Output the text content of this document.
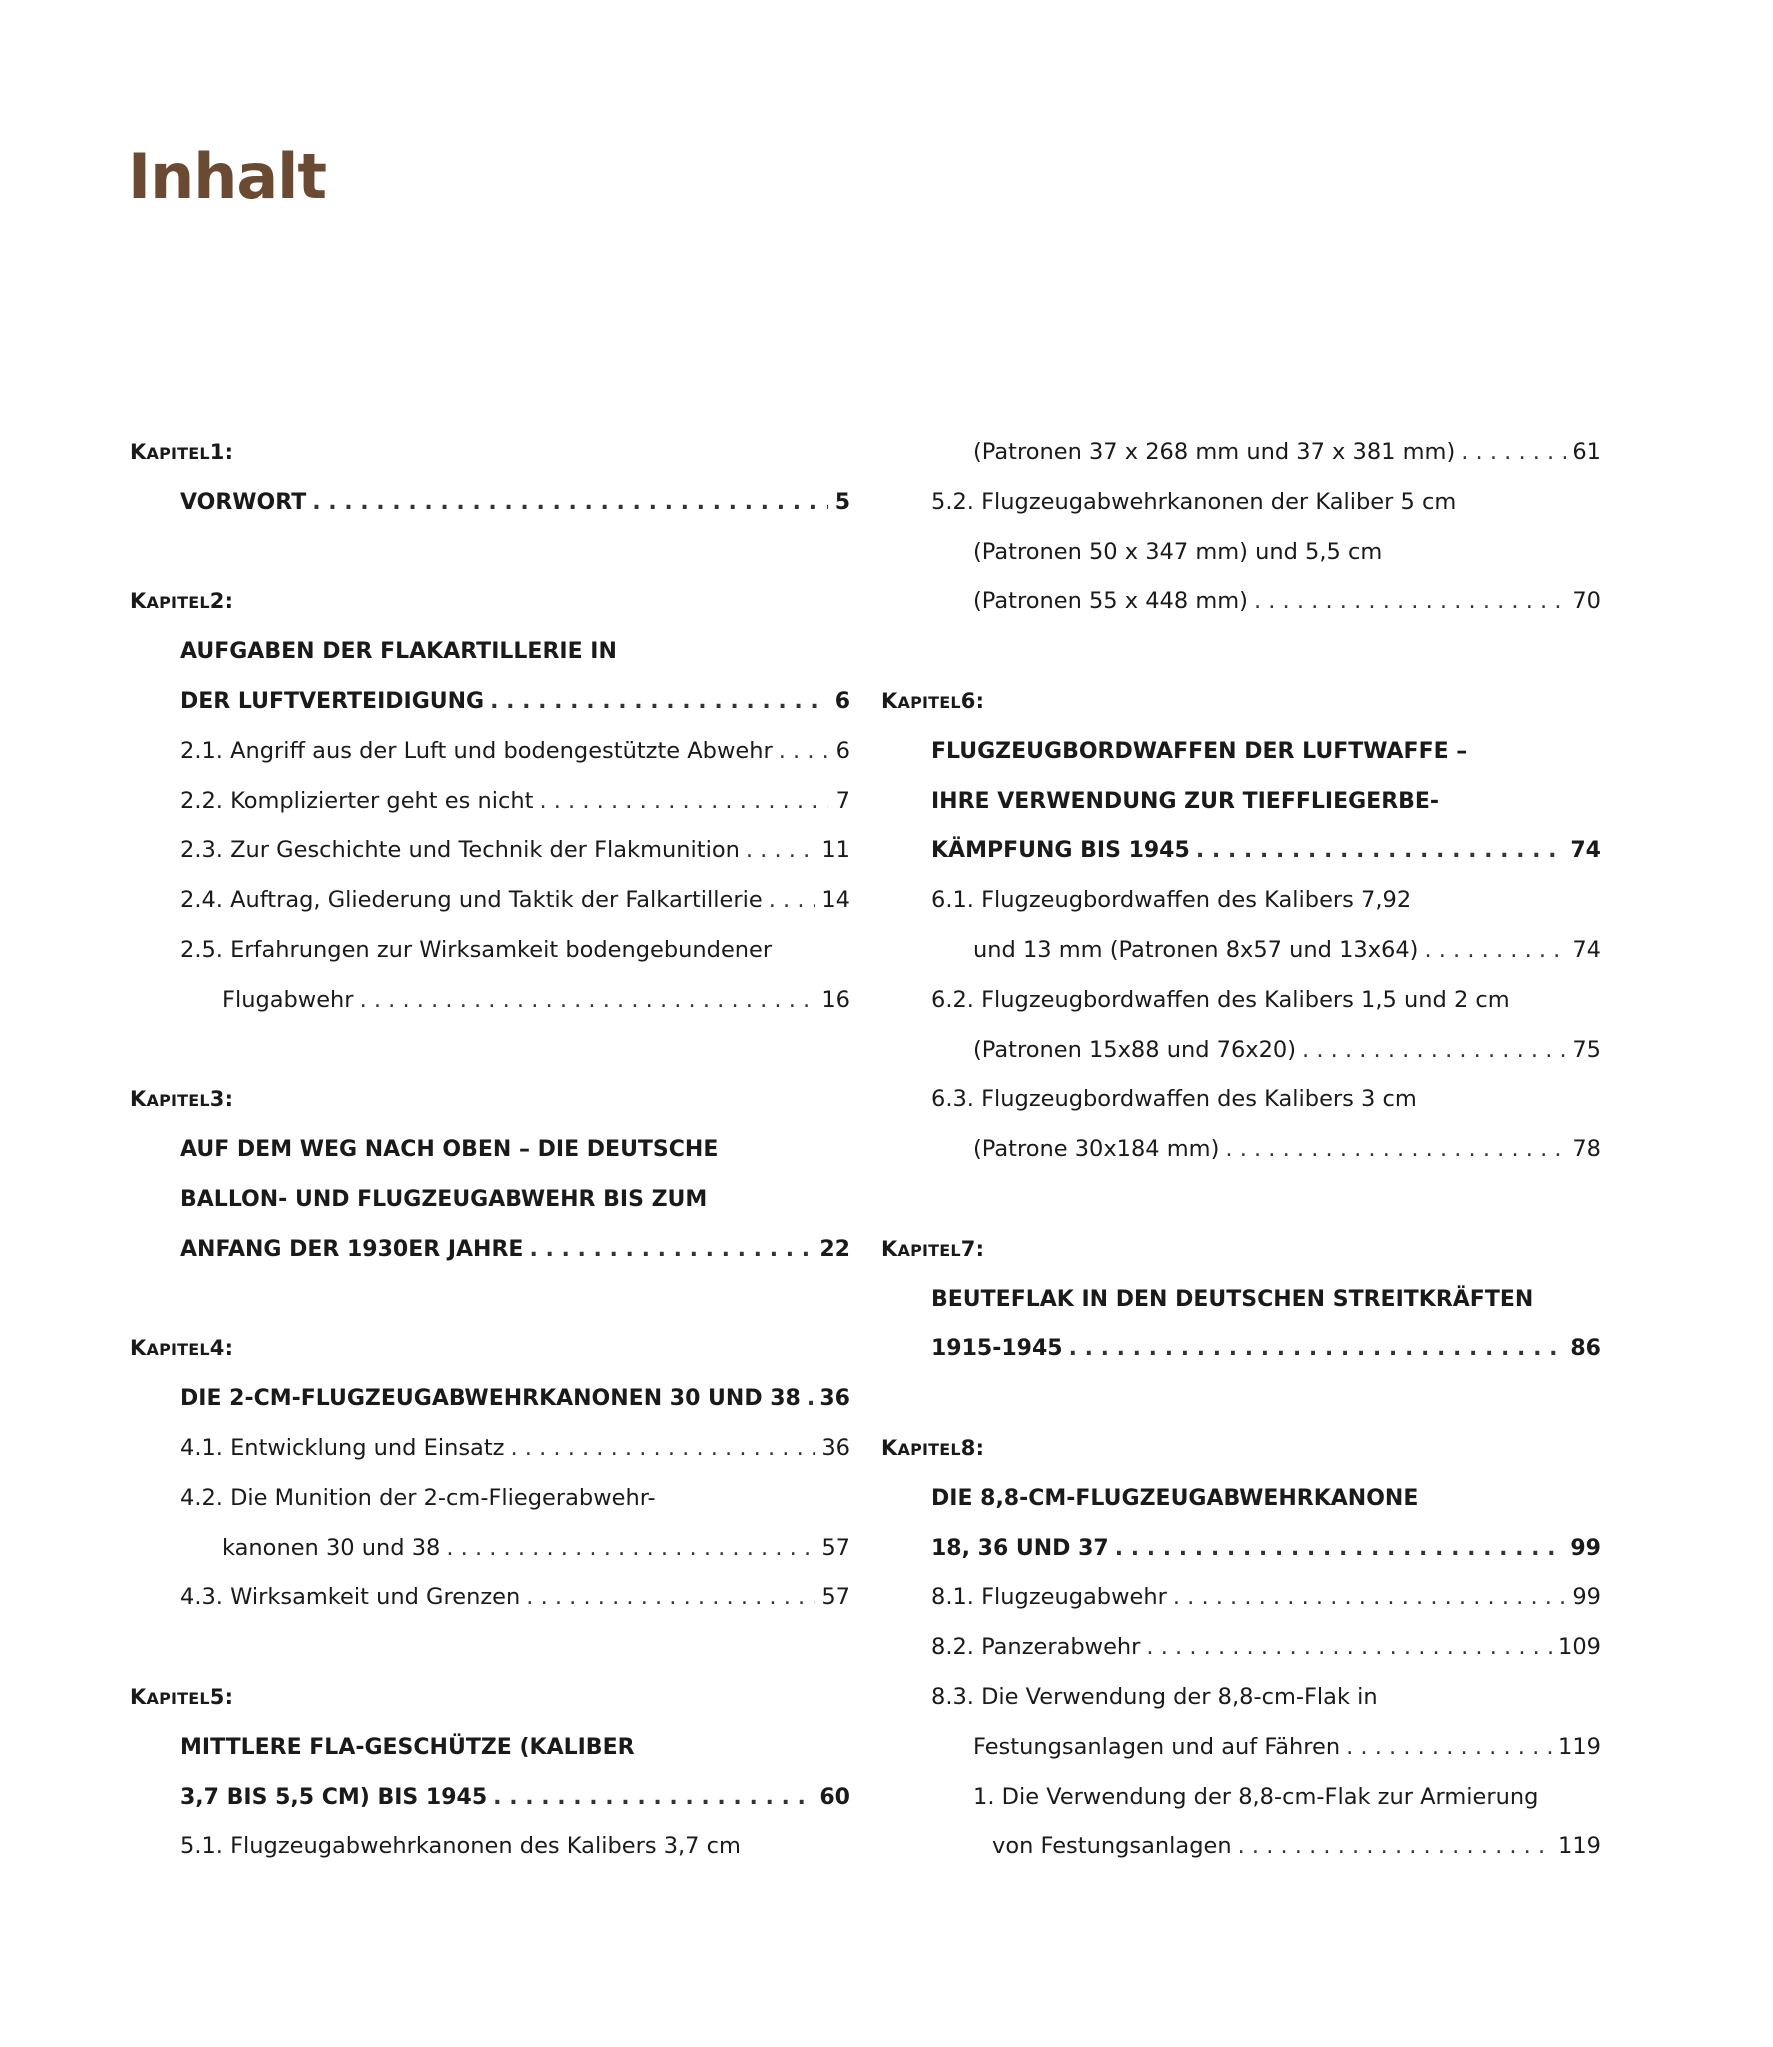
Inhalt
K APITEL 1:
VORWORT . . .	5
K APITEL 2:
AUFGABEN DER FLAKARTILLERIE IN
DER LUFTVERTEIDIGUNG . . .	6
2.1. Angriff aus der Luft und bodengestützte Abwehr . . .	6
2.2. Komplizierter geht es nicht . . .	7
2.3. Zur Geschichte und Technik der Flakmunition . . .	11
2.4. Auftrag, Gliederung und Taktik der Falkartillerie . . .	14
2.5. Erfahrungen zur Wirksamkeit bodengebundener
Flugabwehr . . .	16
K APITEL 3:
AUF DEM WEG NACH OBEN – DIE DEUTSCHE
BALLON- UND FLUGZEUGABWEHR BIS ZUM
ANFANG DER 1930ER JAHRE . . .	22
K APITEL 4:
DIE 2-CM-FLUGZEUGABWEHRKANONEN 30 UND 38 . . . 36
4.1. Entwicklung und Einsatz . . .	36
4.2. Die Munition der 2-cm-Fliegerabwehr-
kanonen 30 und 38 . . .	57
4.3. Wirksamkeit und Grenzen . . .	57
K APITEL 5:
MITTLERE FLA-GESCHÜTZE (KALIBER
3,7 BIS 5,5 CM) BIS 1945 . . .	60
5.1. Flugzeugabwehrkanonen des Kalibers 3,7 cm
(Patronen 37 x 268 mm und 37 x 381 mm) . . .	61
5.2. Flugzeugabwehrkanonen der Kaliber 5 cm
(Patronen 50 x 347 mm) und 5,5 cm
(Patronen 55 x 448 mm) . . .	70
K APITEL 6:
FLUGZEUGBORDWAFFEN DER LUFTWAFFE –
IHRE VERWENDUNG ZUR TIEFFLIEGERBE-
KÄMPFUNG BIS 1945 . . .	74
6.1. Flugzeugbordwaffen des Kalibers 7,92
und 13 mm (Patronen 8x57 und 13x64) . . .	74
6.2. Flugzeugbordwaffen des Kalibers 1,5 und 2 cm
(Patronen 15x88 und 76x20) . . .	75
6.3. Flugzeugbordwaffen des Kalibers 3 cm
(Patrone 30x184 mm) . . .	78
K APITEL 7:
BEUTEFLAK IN DEN DEUTSCHEN STREITKRÄFTEN
1915-1945 . . .	86
K APITEL 8:
DIE 8,8-CM-FLUGZEUGABWEHRKANONE
18, 36 UND 37 . . .	99
8.1. Flugzeugabwehr . . .	99
8.2. Panzerabwehr . . .	109
8.3. Die Verwendung der 8,8-cm-Flak in
Festungsanlagen und auf Fähren . . .	119
1. Die Verwendung der 8,8-cm-Flak zur Armierung
von Festungsanlagen . . .	119
